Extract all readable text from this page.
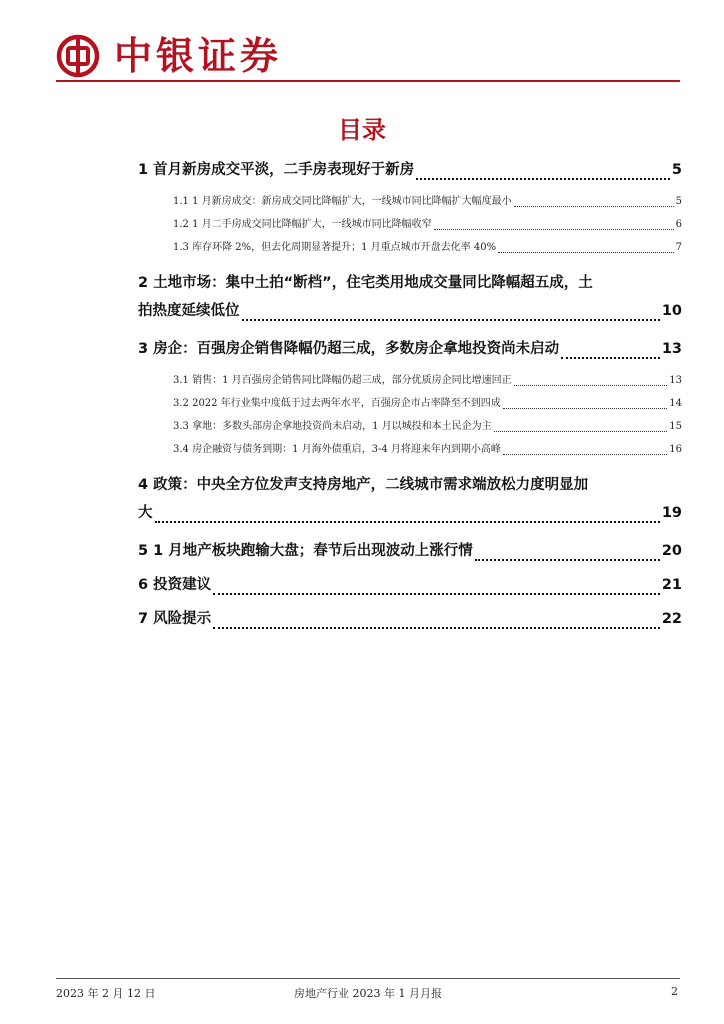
中银证券
目录
1 首月新房成交平淡，二手房表现好于新房	5
1.1 1 月新房成交：新房成交同比降幅扩大，一线城市同比降幅扩大幅度最小	5
1.2 1 月二手房成交同比降幅扩大，一线城市同比降幅收窄	6
1.3 库存环降 2%，但去化周期显著提升；1 月重点城市开盘去化率 40%	7
2 土地市场：集中土拍“断档”，住宅类用地成交量同比降幅超五成，土
拍热度延续低位	10
3 房企：百强房企销售降幅仍超三成，多数房企拿地投资尚未启动	13
3.1 销售：1 月百强房企销售同比降幅仍超三成，部分优质房企同比增速回正	13
3.2 2022 年行业集中度低于过去两年水平，百强房企市占率降至不到四成	14
3.3 拿地：多数头部房企拿地投资尚未启动，1 月以城投和本土民企为主	15
3.4 房企融资与债务到期：1 月海外债重启，3-4 月将迎来年内到期小高峰	16
4 政策：中央全方位发声支持房地产，二线城市需求端放松力度明显加
大	19
5 1 月地产板块跑输大盘；春节后出现波动上涨行情	20
6 投资建议	21
7 风险提示	22
2023 年 2 月 12 日	房地产行业 2023 年 1 月月报	2
